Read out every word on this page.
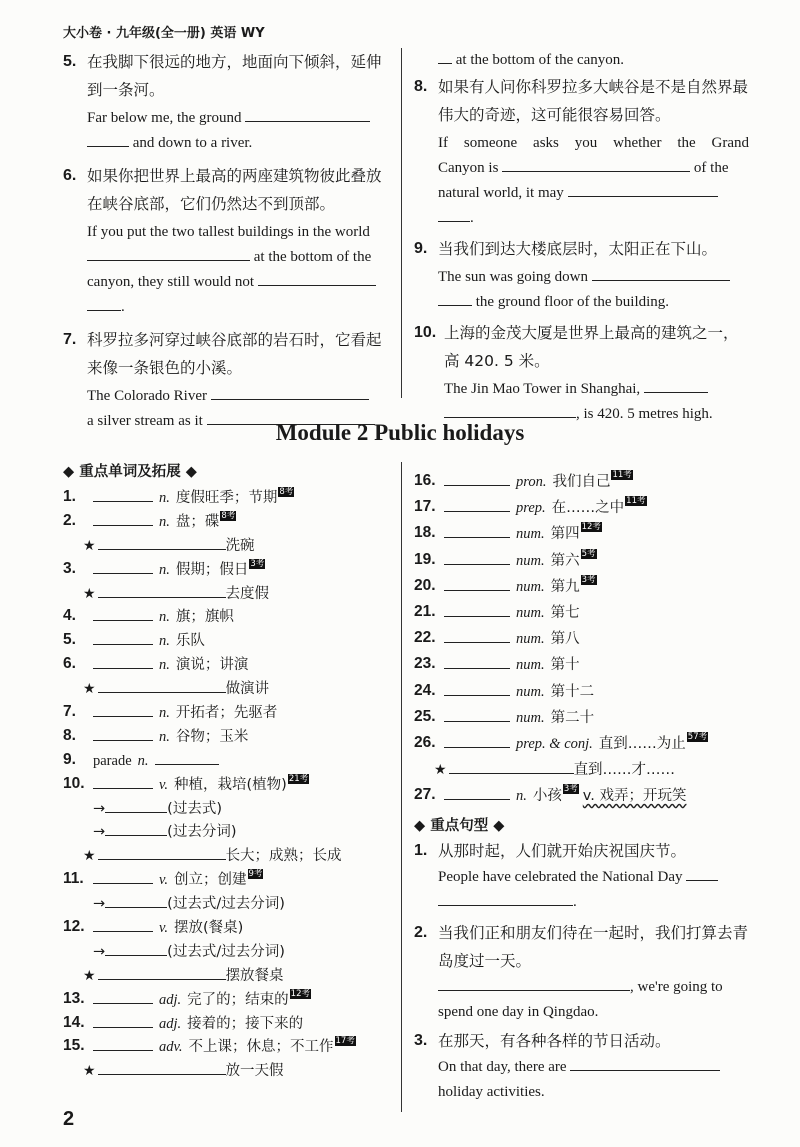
大小卷 · 九年级(全一册) 英语 WY
5. 在我脚下很远的地方，地面向下倾斜，延伸到一条河。
Far below me, the ground
and down to a river.
6. 如果你把世界上最高的两座建筑物彼此叠放在峡谷底部，它们仍然达不到顶部。
If you put the two tallest buildings in the world
at the bottom of the
canyon, they still would not
.
7. 科罗拉多河穿过峡谷底部的岩石时，它看起来像一条银色的小溪。
The Colorado River
a silver stream as it
at the bottom of the canyon.
8. 如果有人问你科罗拉多大峡谷是不是自然界最伟大的奇迹，这可能很容易回答。
If someone asks you whether the Grand
Canyon is	of the
natural world, it may
.
9. 当我们到达大楼底层时，太阳正在下山。
The sun was going down
the ground floor of the building.
10. 上海的金茂大厦是世界上最高的建筑之一，高 420. 5 米。
The Jin Mao Tower in Shanghai,
, is 420. 5 metres high.
Module 2 Public holidays
◆ 重点单词及拓展 ◆
1.	n. 度假旺季；节期 8考
2.	n. 盘；碟 8考
★	洗碗
3.	n. 假期；假日 3考
★	去度假
4.	n. 旗；旗帜
5.	n. 乐队
6.	n. 演说；讲演
★	做演讲
7.	n. 开拓者；先驱者
8.	n. 谷物；玉米
9. parade n.
10.	v. 种植，栽培(植物) 21考
→	(过去式)
→	(过去分词)
★	长大；成熟；长成
11.	v. 创立；创建 9考
→	(过去式/过去分词)
12.	v. 摆放(餐桌)
→	(过去式/过去分词)
★	摆放餐桌
13.	adj. 完了的；结束的 12考
14.	adj. 接着的；接下来的
15.	adv. 不上课；休息；不工作 17考
★	放一天假
16.	pron. 我们自己 11考
17.	prep. 在……之中 11考
18.	num. 第四 12考
19.	num. 第六 5考
20.	num. 第九 3考
21.	num. 第七
22.	num. 第八
23.	num. 第十
24.	num. 第十二
25.	num. 第二十
26.	prep. & conj. 直到……为止 57考
★	直到……才……
27.	n. 小孩 3考 v. 戏弄；开玩笑
◆ 重点句型 ◆
1. 从那时起，人们就开始庆祝国庆节。
People have celebrated the National Day
.
2. 当我们正和朋友们待在一起时，我们打算去青岛度过一天。
, we're going to
spend one day in Qingdao.
3. 在那天，有各种各样的节日活动。
On that day, there are
holiday activities.
2
